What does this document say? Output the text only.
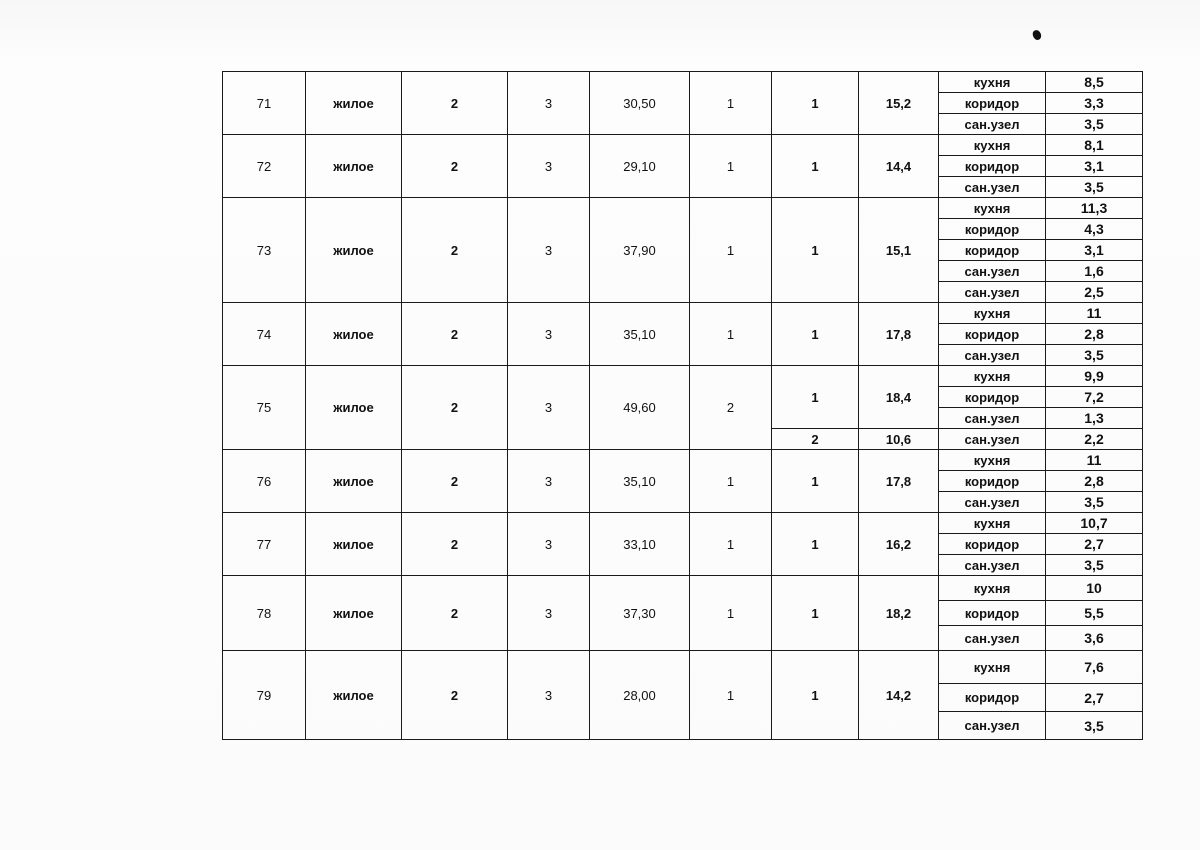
71	жилое	2	3	30,50	1	1	15,2	кухня	8,5
								коридор	3,3
								сан.узел	3,5
72	жилое	2	3	29,10	1	1	14,4	кухня	8,1
								коридор	3,1
								сан.узел	3,5
73	жилое	2	3	37,90	1	1	15,1	кухня	11,3
								коридор	4,3
								коридор	3,1
								сан.узел	1,6
								сан.узел	2,5
74	жилое	2	3	35,10	1	1	17,8	кухня	11
								коридор	2,8
								сан.узел	3,5
75	жилое	2	3	49,60	2	1	18,4	кухня	9,9
								коридор	7,2
								сан.узел	1,3
						2	10,6	сан.узел	2,2
76	жилое	2	3	35,10	1	1	17,8	кухня	11
								коридор	2,8
								сан.узел	3,5
77	жилое	2	3	33,10	1	1	16,2	кухня	10,7
								коридор	2,7
								сан.узел	3,5
78	жилое	2	3	37,30	1	1	18,2	кухня	10
								коридор	5,5
								сан.узел	3,6
79	жилое	2	3	28,00	1	1	14,2	кухня	7,6
								коридор	2,7
								сан.узел	3,5
